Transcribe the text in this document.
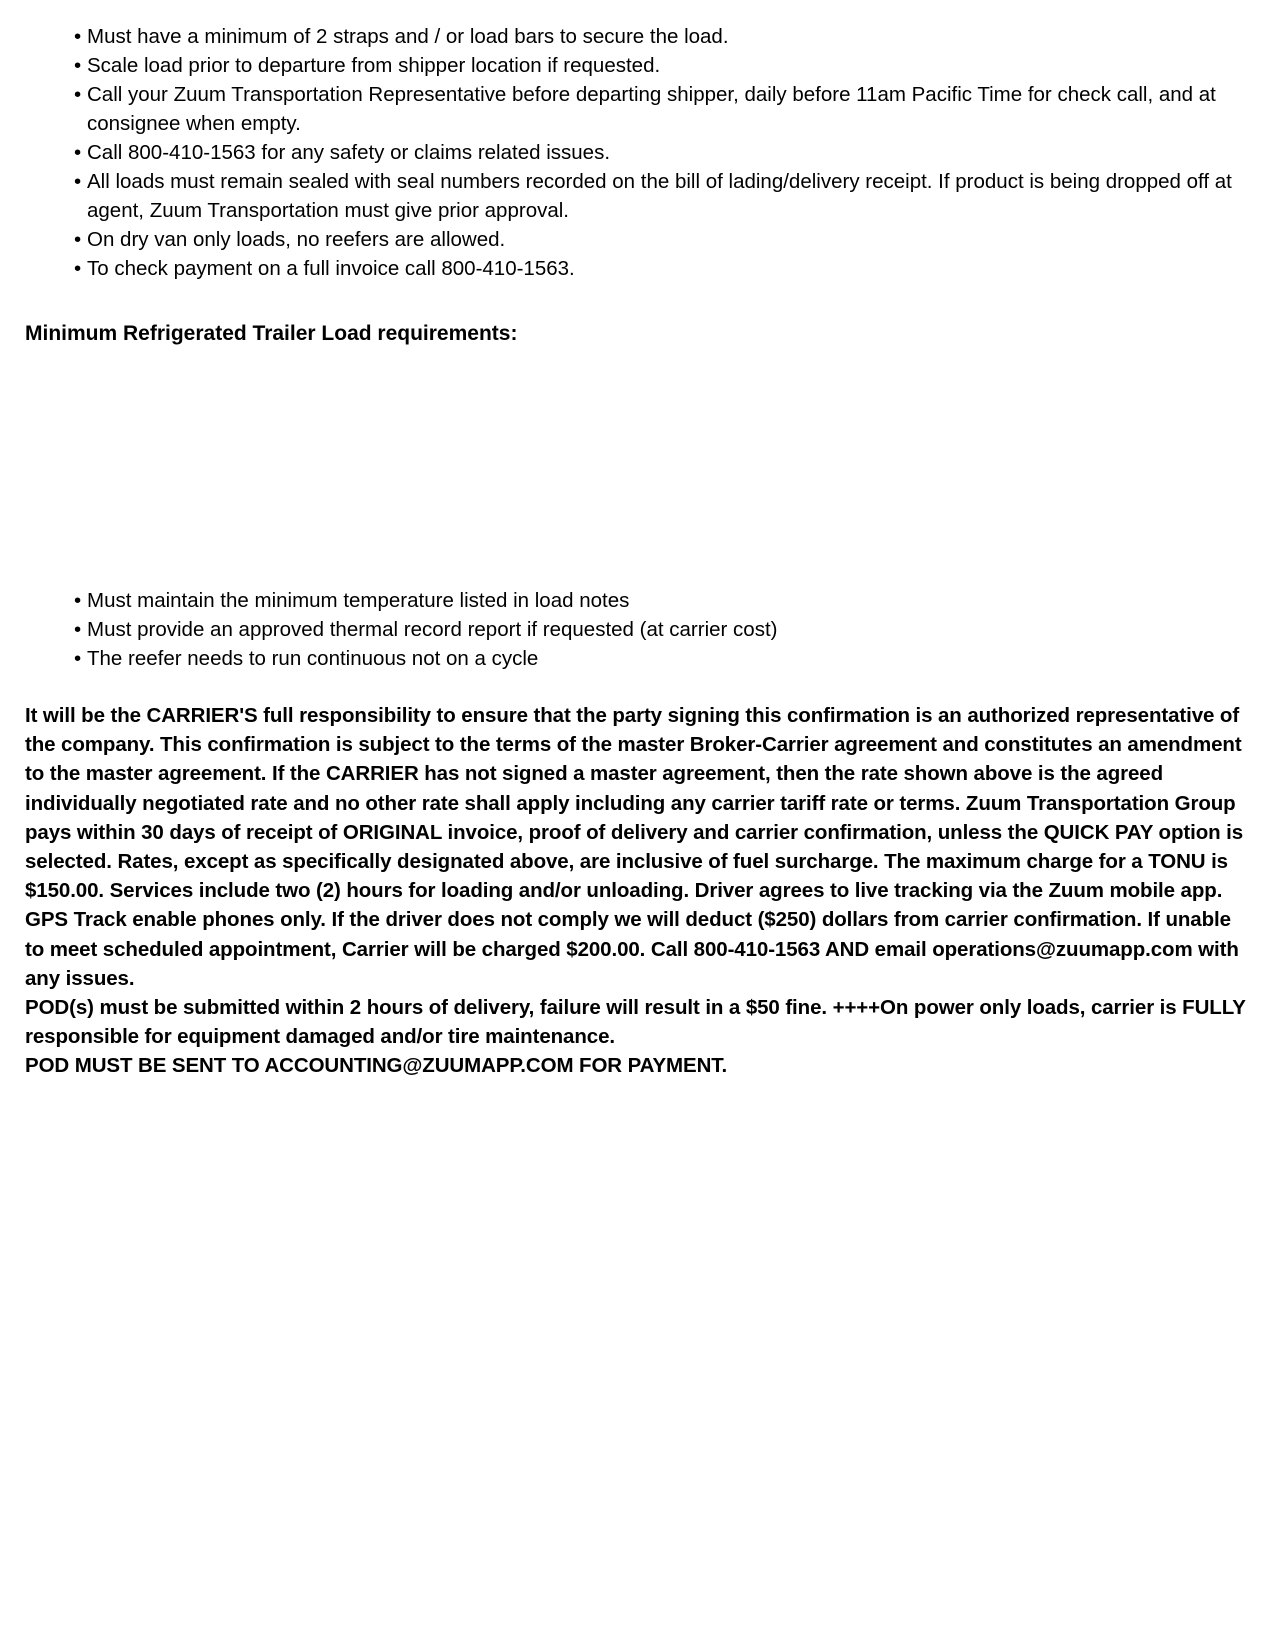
• Must have a minimum of 2 straps and / or load bars to secure the load.
• Scale load prior to departure from shipper location if requested.
• Call your Zuum Transportation Representative before departing shipper, daily before 11am Pacific Time for check call, and at consignee when empty.
• Call 800-410-1563 for any safety or claims related issues.
• All loads must remain sealed with seal numbers recorded on the bill of lading/delivery receipt. If product is being dropped off at agent, Zuum Transportation must give prior approval.
• On dry van only loads, no reefers are allowed.
• To check payment on a full invoice call 800-410-1563.
Minimum Refrigerated Trailer Load requirements:
• Must maintain the minimum temperature listed in load notes
• Must provide an approved thermal record report if requested (at carrier cost)
• The reefer needs to run continuous not on a cycle

It will be the CARRIER'S full responsibility to ensure that the party signing this confirmation is an authorized representative of the company. This confirmation is subject to the terms of the master Broker-Carrier agreement and constitutes an amendment to the master agreement. If the CARRIER has not signed a master agreement, then the rate shown above is the agreed individually negotiated rate and no other rate shall apply including any carrier tariff rate or terms. Zuum Transportation Group pays within 30 days of receipt of ORIGINAL invoice, proof of delivery and carrier confirmation, unless the QUICK PAY option is selected. Rates, except as specifically designated above, are inclusive of fuel surcharge. The maximum charge for a TONU is $150.00. Services include two (2) hours for loading and/or unloading. Driver agrees to live tracking via the Zuum mobile app. GPS Track enable phones only. If the driver does not comply we will deduct ($250) dollars from carrier confirmation. If unable to meet scheduled appointment, Carrier will be charged $200.00. Call 800-410-1563 AND email operations@zuumapp.com with any issues.

POD(s) must be submitted within 2 hours of delivery, failure will result in a $50 fine. ++++On power only loads, carrier is FULLY responsible for equipment damaged and/or tire maintenance.

POD MUST BE SENT TO ACCOUNTING@ZUUMAPP.COM FOR PAYMENT.
